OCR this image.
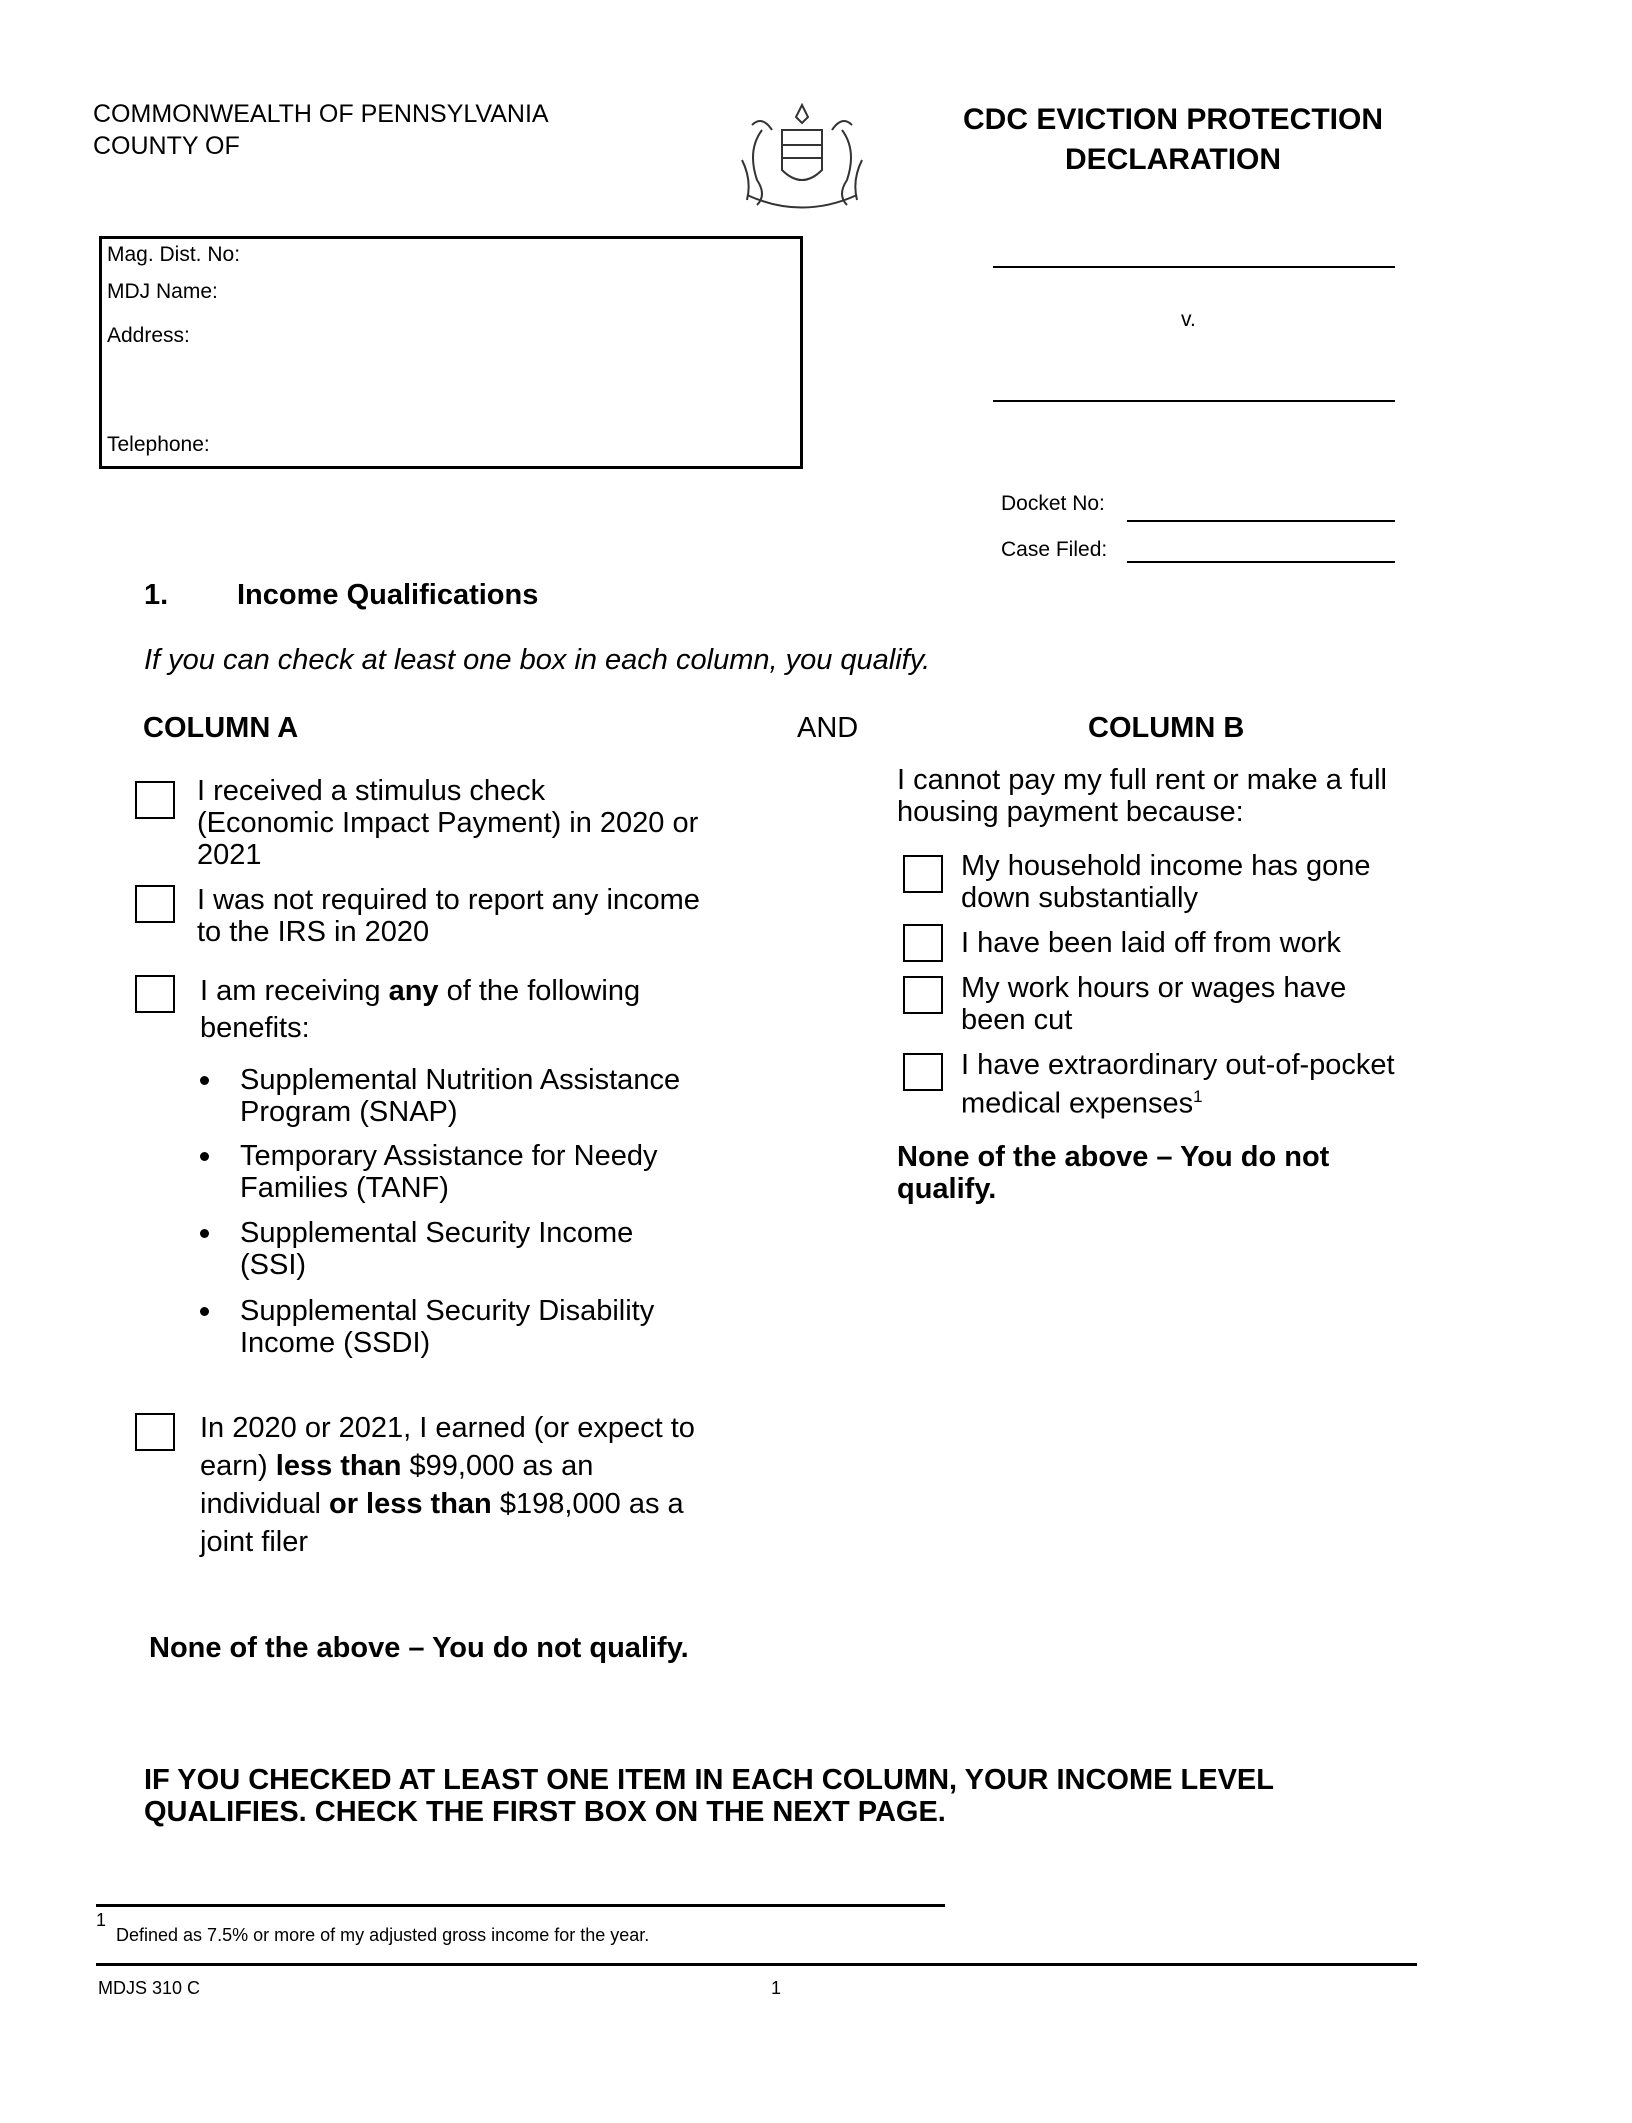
COMMONWEALTH OF PENNSYLVANIA
COUNTY OF
CDC EVICTION PROTECTION
DECLARATION
Mag. Dist. No:
MDJ Name:
Address:
Telephone:
v.
Docket No:
Case Filed:
1. Income Qualifications
If you can check at least one box in each column, you qualify.
COLUMN A	AND	COLUMN B
I received a stimulus check
(Economic Impact Payment) in 2020 or
2021
I was not required to report any income
to the IRS in 2020
I am receiving any of the following
benefits:
Supplemental Nutrition Assistance
Program (SNAP)
Temporary Assistance for Needy
Families (TANF)
Supplemental Security Income
(SSI)
Supplemental Security Disability
Income (SSDI)
In 2020 or 2021, I earned (or expect to
earn) less than $99,000 as an
individual or less than $198,000 as a
joint filer
None of the above – You do not qualify.
I cannot pay my full rent or make a full
housing payment because:
My household income has gone
down substantially
I have been laid off from work
My work hours or wages have
been cut
I have extraordinary out-of-pocket
medical expenses$^1$
None of the above – You do not
qualify.
IF YOU CHECKED AT LEAST ONE ITEM IN EACH COLUMN, YOUR INCOME LEVEL
QUALIFIES. CHECK THE FIRST BOX ON THE NEXT PAGE.
1
Defined as 7.5% or more of my adjusted gross income for the year.
MDJS 310 C	1
